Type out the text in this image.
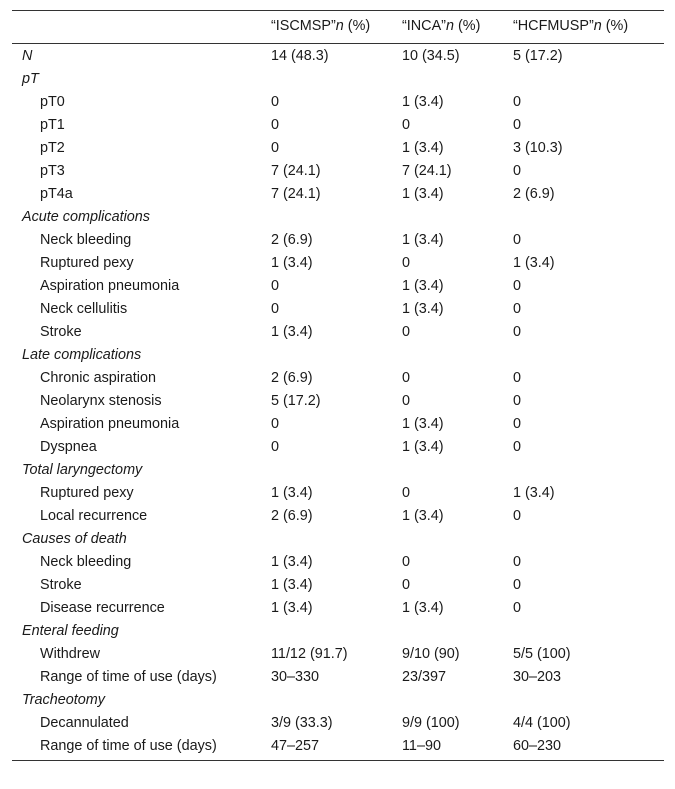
	“ISCMSP”n (%)	“INCA”n (%)	“HCFMUSP”n (%)
N	14 (48.3)	10 (34.5)	5 (17.2)
pT			
pT0	0	1 (3.4)	0
pT1	0	0	0
pT2	0	1 (3.4)	3 (10.3)
pT3	7 (24.1)	7 (24.1)	0
pT4a	7 (24.1)	1 (3.4)	2 (6.9)
Acute complications			
Neck bleeding	2 (6.9)	1 (3.4)	0
Ruptured pexy	1 (3.4)	0	1 (3.4)
Aspiration pneumonia	0	1 (3.4)	0
Neck cellulitis	0	1 (3.4)	0
Stroke	1 (3.4)	0	0
Late complications			
Chronic aspiration	2 (6.9)	0	0
Neolarynx stenosis	5 (17.2)	0	0
Aspiration pneumonia	0	1 (3.4)	0
Dyspnea	0	1 (3.4)	0
Total laryngectomy			
Ruptured pexy	1 (3.4)	0	1 (3.4)
Local recurrence	2 (6.9)	1 (3.4)	0
Causes of death			
Neck bleeding	1 (3.4)	0	0
Stroke	1 (3.4)	0	0
Disease recurrence	1 (3.4)	1 (3.4)	0
Enteral feeding			
Withdrew	11/12 (91.7)	9/10 (90)	5/5 (100)
Range of time of use (days)	30–330	23/397	30–203
Tracheotomy			
Decannulated	3/9 (33.3)	9/9 (100)	4/4 (100)
Range of time of use (days)	47–257	11–90	60–230
